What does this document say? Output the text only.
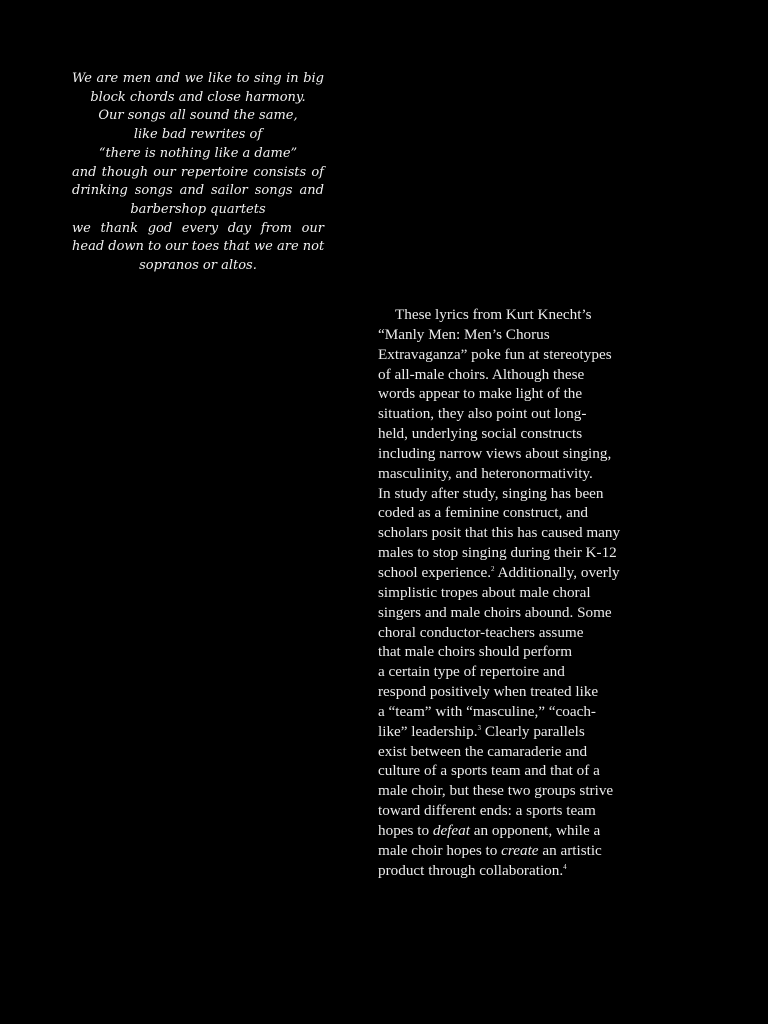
We are men and we like to sing in big
block chords and close harmony.
Our songs all sound the same,
like bad rewrites of
“there is nothing like a dame”
and though our repertoire consists of
drinking songs and sailor songs and
barbershop quartets
we thank god every day from our
head down to our toes that we are not
sopranos or altos.
These lyrics from Kurt Knecht’s
“Manly Men: Men’s Chorus
Extravaganza” poke fun at stereotypes
of all-male choirs. Although these
words appear to make light of the
situation, they also point out long-
held, underlying social constructs
including narrow views about singing,
masculinity, and heteronormativity.
In study after study, singing has been
coded as a feminine construct, and
scholars posit that this has caused many
males to stop singing during their K-12
school experience.$^2$ Additionally, overly
simplistic tropes about male choral
singers and male choirs abound. Some
choral conductor-teachers assume
that male choirs should perform
a certain type of repertoire and
respond positively when treated like
a “team” with “masculine,” “coach-
like” leadership.$^3$ Clearly parallels
exist between the camaraderie and
culture of a sports team and that of a
male choir, but these two groups strive
toward different ends: a sports team
hopes to defeat an opponent, while a
male choir hopes to create an artistic
product through collaboration.$^4$
